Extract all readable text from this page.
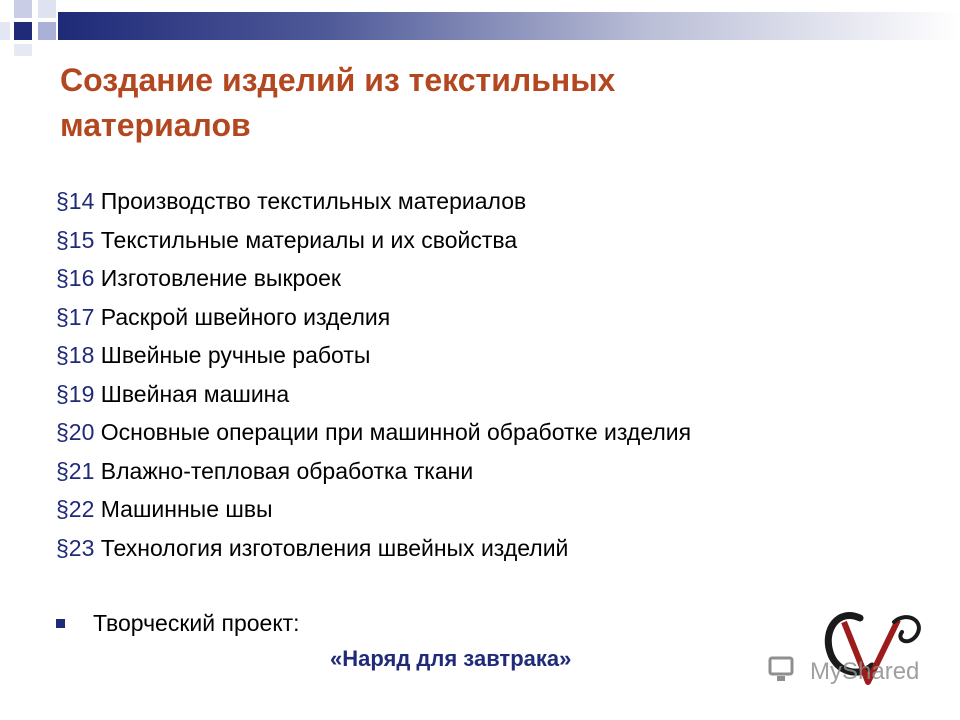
Создание изделий из текстильных материалов
§14 Производство текстильных материалов
§15 Текстильные материалы и их свойства
§16 Изготовление выкроек
§17 Раскрой швейного изделия
§18 Швейные ручные работы
§19 Швейная машина
§20 Основные операции при машинной обработке изделия
§21 Влажно-тепловая обработка ткани
§22 Машинные швы
§23 Технология изготовления швейных изделий
Творческий проект:
«Наряд для завтрака»	MyShared
